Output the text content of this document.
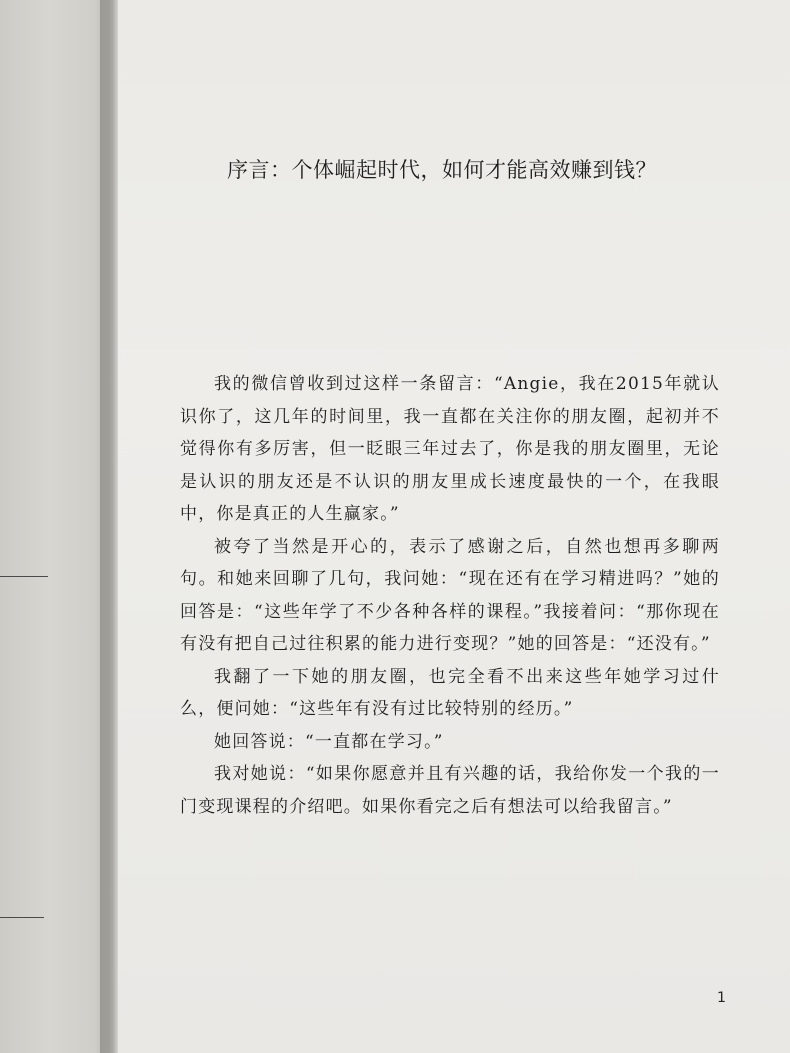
序言：个体崛起时代，如何才能高效赚到钱？

我的微信曾收到过这样一条留言：“Angie，我在2015年就认识你了，这几年的时间里，我一直都在关注你的朋友圈，起初并不觉得你有多厉害，但一眨眼三年过去了，你是我的朋友圈里，无论是认识的朋友还是不认识的朋友里成长速度最快的一个，在我眼中，你是真正的人生赢家。”

被夸了当然是开心的，表示了感谢之后，自然也想再多聊两句。和她来回聊了几句，我问她：“现在还有在学习精进吗？”她的回答是：“这些年学了不少各种各样的课程。”我接着问：“那你现在有没有把自己过往积累的能力进行变现？”她的回答是：“还没有。”

我翻了一下她的朋友圈，也完全看不出来这些年她学习过什么，便问她：“这些年有没有过比较特别的经历。”

她回答说：“一直都在学习。”

我对她说：“如果你愿意并且有兴趣的话，我给你发一个我的一门变现课程的介绍吧。如果你看完之后有想法可以给我留言。”

1
